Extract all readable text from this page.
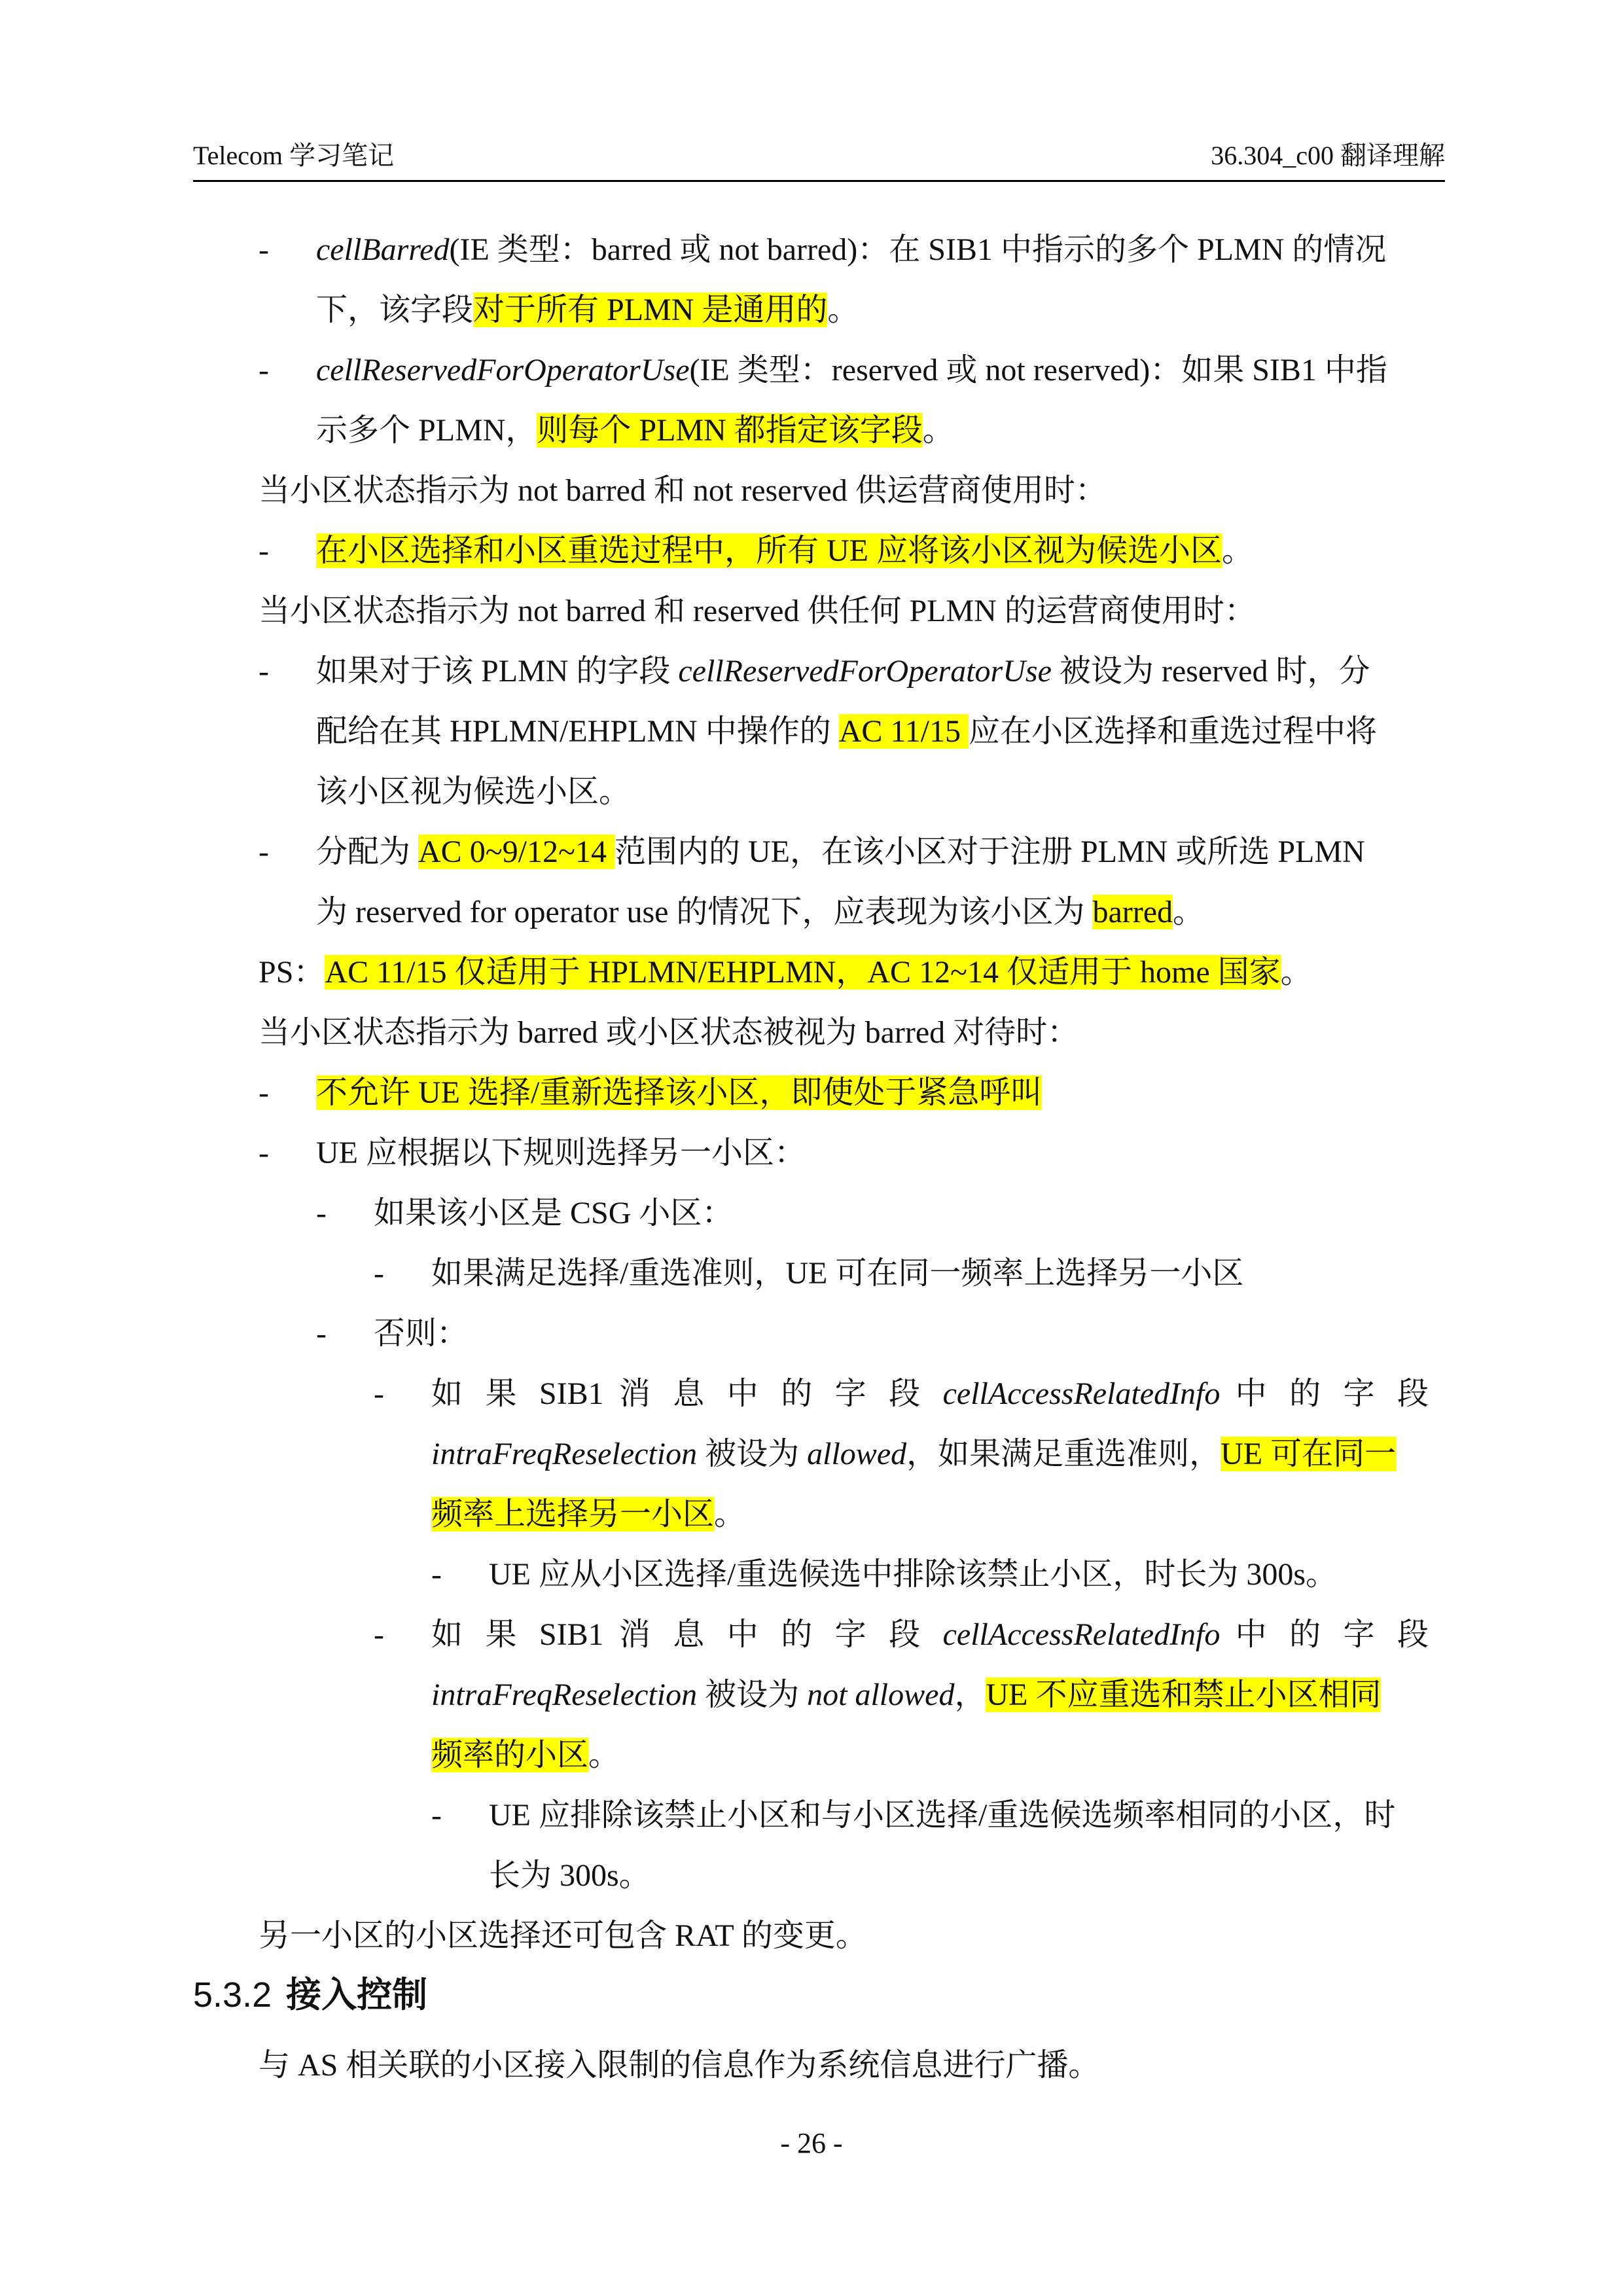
Telecom 学习笔记	36.304_c00 翻译理解
- cellBarred(IE 类型：barred 或 not barred)：在 SIB1 中指示的多个 PLMN 的情况
下，该字段对于所有 PLMN 是通用的。
- cellReservedForOperatorUse(IE 类型：reserved 或 not reserved)：如果 SIB1 中指
示多个 PLMN，则每个 PLMN 都指定该字段。
当小区状态指示为 not barred 和 not reserved 供运营商使用时：
- 在小区选择和小区重选过程中，所有 UE 应将该小区视为候选小区。
当小区状态指示为 not barred 和 reserved 供任何 PLMN 的运营商使用时：
- 如果对于该 PLMN 的字段 cellReservedForOperatorUse 被设为 reserved 时，分
配给在其 HPLMN/EHPLMN 中操作的 AC 11/15 应在小区选择和重选过程中将
该小区视为候选小区。
- 分配为 AC 0~9/12~14 范围内的 UE，在该小区对于注册 PLMN 或所选 PLMN
为 reserved for operator use 的情况下，应表现为该小区为 barred。
PS：AC 11/15 仅适用于 HPLMN/EHPLMN，AC 12~14 仅适用于 home 国家。
当小区状态指示为 barred 或小区状态被视为 barred 对待时：
- 不允许 UE 选择/重新选择该小区，即使处于紧急呼叫
- UE 应根据以下规则选择另一小区：
- 如果该小区是 CSG 小区：
- 如果满足选择/重选准则，UE 可在同一频率上选择另一小区
- 否则：
- 如 果 SIB1 消 息 中 的 字 段 cellAccessRelatedInfo 中 的 字 段
intraFreqReselection 被设为 allowed，如果满足重选准则，UE 可在同一
频率上选择另一小区。
- UE 应从小区选择/重选候选中排除该禁止小区，时长为 300s。
- 如 果 SIB1 消 息 中 的 字 段 cellAccessRelatedInfo 中 的 字 段
intraFreqReselection 被设为 not allowed，UE 不应重选和禁止小区相同
频率的小区。
- UE 应排除该禁止小区和与小区选择/重选候选频率相同的小区，时
长为 300s。
另一小区的小区选择还可包含 RAT 的变更。
5.3.2 接入控制
与 AS 相关联的小区接入限制的信息作为系统信息进行广播。
- 26 -
